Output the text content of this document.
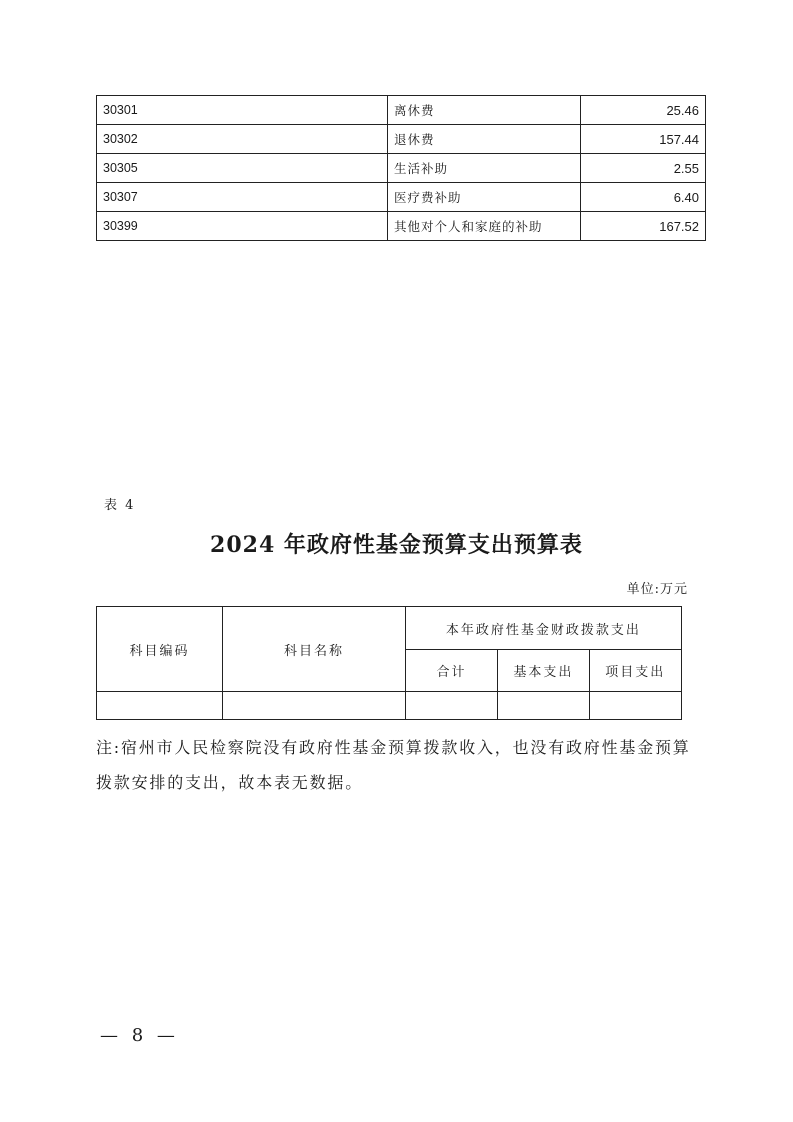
30301	离休费	25.46
30302	退休费	157.44
30305	生活补助	2.55
30307	医疗费补助	6.40
30399	其他对个人和家庭的补助	167.52
表 4
2024 年政府性基金预算支出预算表
单位:万元
科目编码	科目名称	本年政府性基金财政拨款支出		
		合计	基本支出	项目支出

注:宿州市人民检察院没有政府性基金预算拨款收入，也没有政府性基金预算拨款安排的支出，故本表无数据。
— 8 —
